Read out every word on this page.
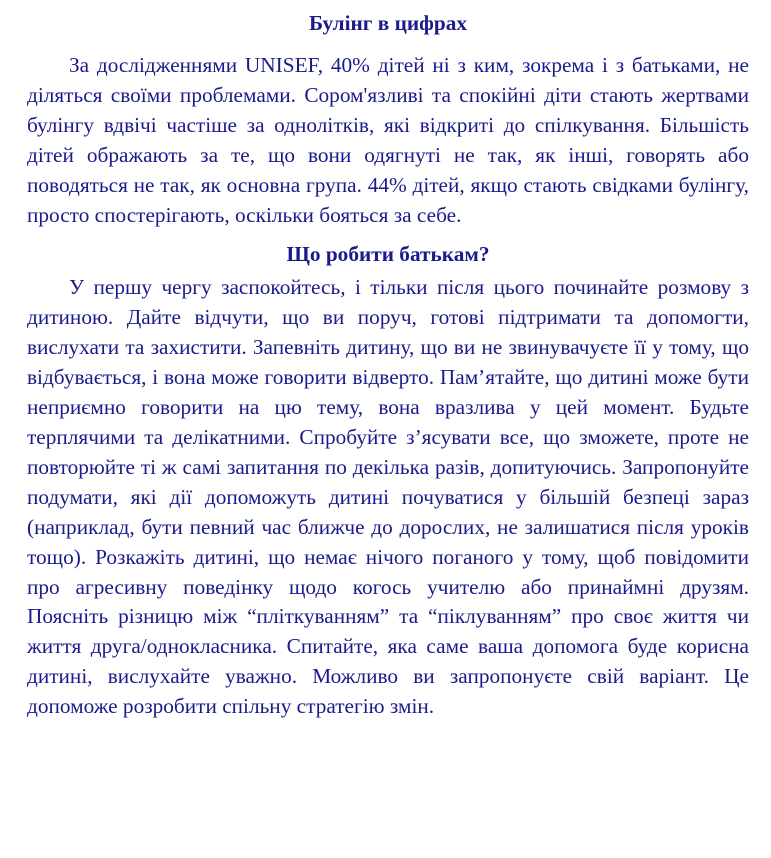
Булінг в цифрах

За дослідженнями UNISEF, 40% дітей ні з ким, зокрема і з батьками, не діляться своїми проблемами. Сором'язливі та спокійні діти стають жертвами булінгу вдвічі частіше за однолітків, які відкриті до спілкування. Більшість дітей ображають за те, що вони одягнуті не так, як інші, говорять або поводяться не так, як основна група. 44% дітей, якщо стають свідками булінгу, просто спостерігають, оскільки бояться за себе.

Що робити батькам?

У першу чергу заспокойтесь, і тільки після цього починайте розмову з дитиною. Дайте відчути, що ви поруч, готові підтримати та допомогти, вислухати та захистити. Запевніть дитину, що ви не звинувачуєте її у тому, що відбувається, і вона може говорити відверто. Пам’ятайте, що дитині може бути неприємно говорити на цю тему, вона вразлива у цей момент. Будьте терплячими та делікатними. Спробуйте з’ясувати все, що зможете, проте не повторюйте ті ж самі запитання по декілька разів, допитуючись. Запропонуйте подумати, які дії допоможуть дитині почуватися у більшій безпеці зараз (наприклад, бути певний час ближче до дорослих, не залишатися після уроків тощо). Розкажіть дитині, що немає нічого поганого у тому, щоб повідомити про агресивну поведінку щодо когось учителю або принаймні друзям. Поясніть різницю між “пліткуванням” та “піклуванням” про своє життя чи життя друга/однокласника. Спитайте, яка саме ваша допомога буде корисна дитині, вислухайте уважно. Можливо ви запропонуєте свій варіант. Це допоможе розробити спільну стратегію змін.
